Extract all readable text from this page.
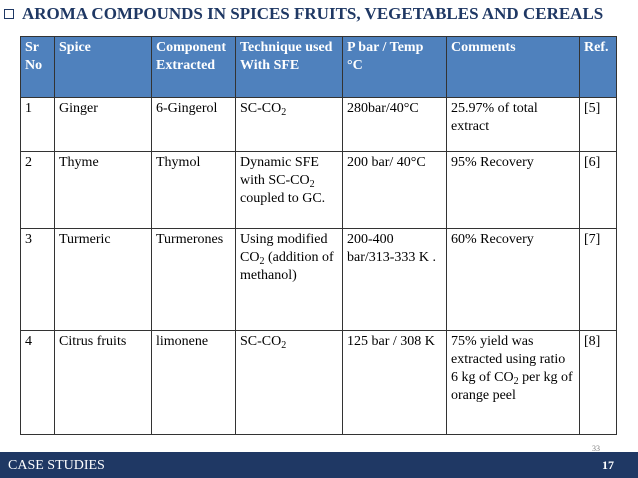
AROMA COMPOUNDS IN SPICES FRUITS, VEGETABLES AND CEREALS
Sr No	Spice	Component Extracted	Technique used With SFE	P bar / Temp °C	Comments	Ref.
1	Ginger	6-Gingerol	$SC-CO_2$	280bar/40°C	25.97% of total extract	[5]
2	Thyme	Thymol	Dynamic SFE with $SC-CO_2$ coupled to GC.	200 bar/ 40°C	95% Recovery	[6]
3	Turmeric	Turmerones	Using modified $CO_2$ (addition of methanol)	200-400 bar/313-333 K .	60% Recovery	[7]
4	Citrus fruits	limonene	$SC-CO_2$	125 bar / 308 K	75% yield was extracted using ratio 6 kg of $CO_2$ per kg of orange peel	[8]
33
CASE STUDIES	17
